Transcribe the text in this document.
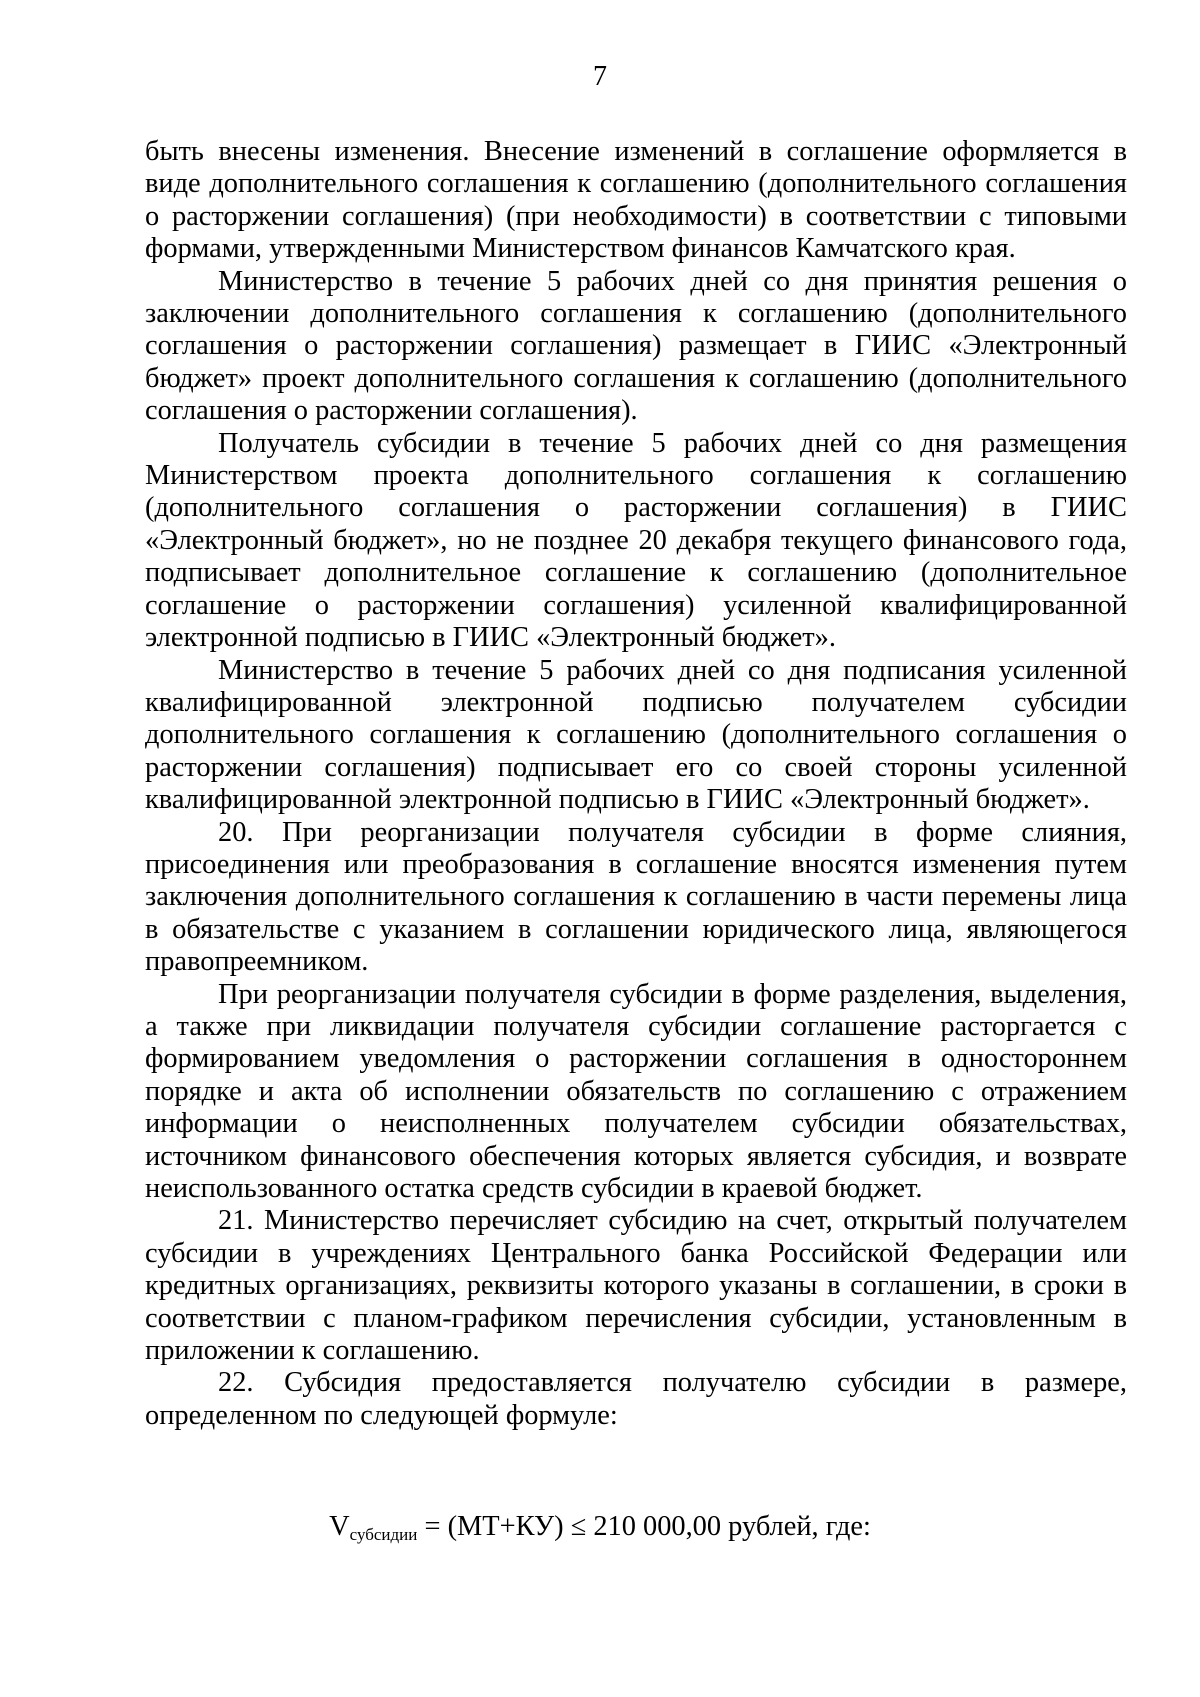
7

быть внесены изменения. Внесение изменений в соглашение оформляется в виде дополнительного соглашения к соглашению (дополнительного соглашения о расторжении соглашения) (при необходимости) в соответствии с типовыми формами, утвержденными Министерством финансов Камчатского края.

Министерство в течение 5 рабочих дней со дня принятия решения о заключении дополнительного соглашения к соглашению (дополнительного соглашения о расторжении соглашения) размещает в ГИИС «Электронный бюджет» проект дополнительного соглашения к соглашению (дополнительного соглашения о расторжении соглашения).

Получатель субсидии в течение 5 рабочих дней со дня размещения Министерством проекта дополнительного соглашения к соглашению (дополнительного соглашения о расторжении соглашения) в ГИИС «Электронный бюджет», но не позднее 20 декабря текущего финансового года, подписывает дополнительное соглашение к соглашению (дополнительное соглашение о расторжении соглашения) усиленной квалифицированной электронной подписью в ГИИС «Электронный бюджет».

Министерство в течение 5 рабочих дней со дня подписания усиленной квалифицированной электронной подписью получателем субсидии дополнительного соглашения к соглашению (дополнительного соглашения о расторжении соглашения) подписывает его со своей стороны усиленной квалифицированной электронной подписью в ГИИС «Электронный бюджет».

20. При реорганизации получателя субсидии в форме слияния, присоединения или преобразования в соглашение вносятся изменения путем заключения дополнительного соглашения к соглашению в части перемены лица в обязательстве с указанием в соглашении юридического лица, являющегося правопреемником.

При реорганизации получателя субсидии в форме разделения, выделения, а также при ликвидации получателя субсидии соглашение расторгается с формированием уведомления о расторжении соглашения в одностороннем порядке и акта об исполнении обязательств по соглашению с отражением информации о неисполненных получателем субсидии обязательствах, источником финансового обеспечения которых является субсидия, и возврате неиспользованного остатка средств субсидии в краевой бюджет.

21. Министерство перечисляет субсидию на счет, открытый получателем субсидии в учреждениях Центрального банка Российской Федерации или кредитных организациях, реквизиты которого указаны в соглашении, в сроки в соответствии с планом-графиком перечисления субсидии, установленным в приложении к соглашению.

22. Субсидия предоставляется получателю субсидии в размере, определенном по следующей формуле:

$V_{субсидии} = (МТ+КУ) \le 210$ 000,00 рублей, где:
